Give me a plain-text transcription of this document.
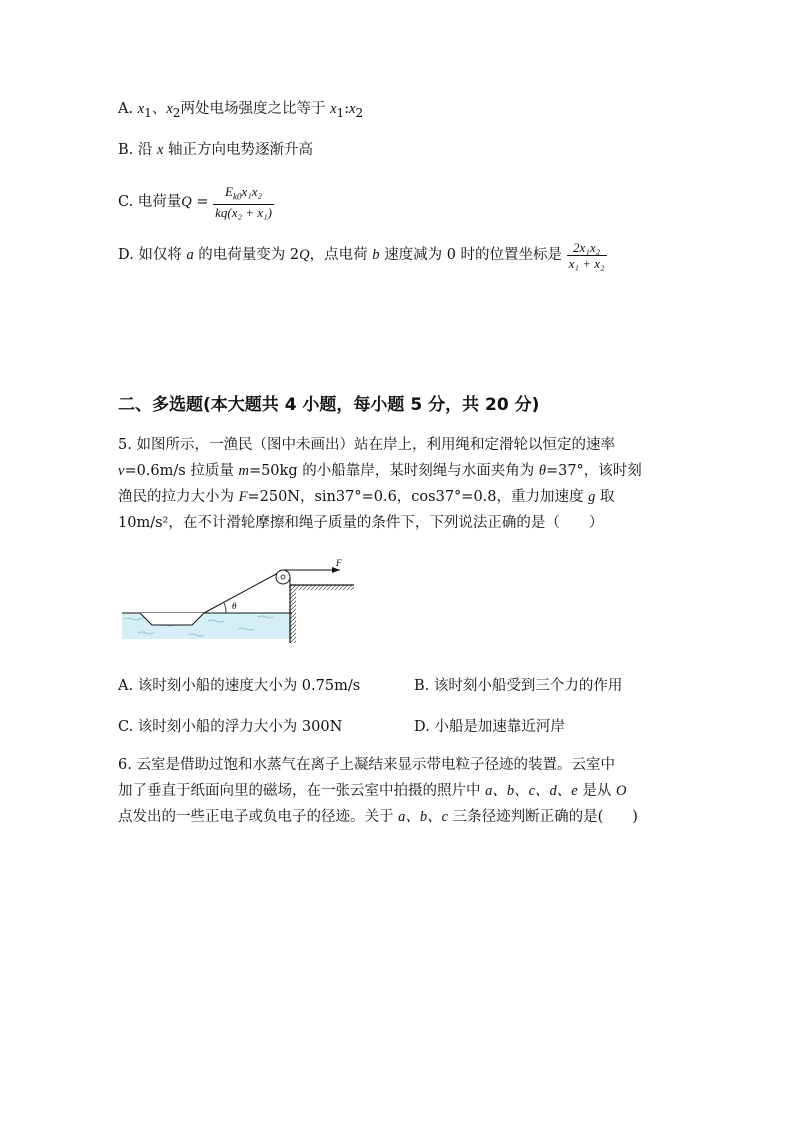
A. $x_1$、$x_2$两处电场强度之比等于 $x_1:x_2$
B. 沿 x 轴正方向电势逐渐升高
C. 电荷量$Q = \frac{E_{k0}x_1x_2}{\text{kq(x₂ + x₁)}}$
D. 如仅将 a 的电荷量变为 2Q，点电荷 b 速度减为 0 时的位置坐标是 $\frac{\text{2x₁x₂}}{\text{x₁ + x₂}}$
二、多选题(本大题共 4 小题，每小题 5 分，共 20 分)
5. 如图所示，一渔民（图中未画出）站在岸上，利用绳和定滑轮以恒定的速率
v=0.6m/s 拉质量 m=50kg 的小船靠岸，某时刻绳与水面夹角为 θ=37°，该时刻
渔民的拉力大小为 F=250N，sin37°=0.6，cos37°=0.8，重力加速度 g 取
10m/s²，在不计滑轮摩擦和绳子质量的条件下，下列说法正确的是（　　）
θ
F
A. 该时刻小船的速度大小为 0.75m/s	B. 该时刻小船受到三个力的作用
C. 该时刻小船的浮力大小为 300N	D. 小船是加速靠近河岸
6. 云室是借助过饱和水蒸气在离子上凝结来显示带电粒子径迹的装置。云室中
加了垂直于纸面向里的磁场，在一张云室中拍摄的照片中 a、b、c、d、e 是从 O
点发出的一些正电子或负电子的径迹。关于 a、b、c 三条径迹判断正确的是(　　)
